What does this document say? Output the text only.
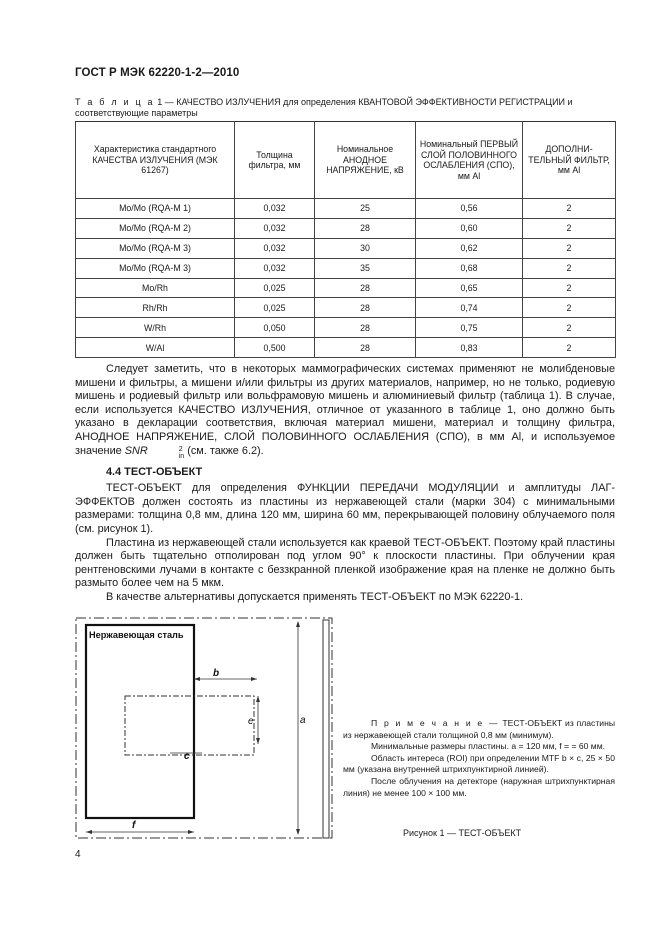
ГОСТ Р МЭК 62220-1-2—2010
Т а б л и ц а 1 — КАЧЕСТВО ИЗЛУЧЕНИЯ для определения КВАНТОВОЙ ЭФФЕКТИВНОСТИ РЕГИСТРАЦИИ и соответствующие параметры
Характеристика стандартного КАЧЕСТВА ИЗЛУЧЕНИЯ (МЭК 61267)	Толщина фильтра, мм	Номинальное АНОДНОЕ НАПРЯЖЕНИЕ, кВ	Номинальный ПЕРВЫЙ СЛОЙ ПОЛОВИННОГО ОСЛАБЛЕНИЯ (СПО), мм Al	ДОПОЛНИ-ТЕЛЬНЫЙ ФИЛЬТР, мм Al
Mo/Mo (RQA-M 1)	0,032	25	0,56	2
Mo/Mo (RQA-M 2)	0,032	28	0,60	2
Mo/Mo (RQA-M 3)	0,032	30	0,62	2
Mo/Mo (RQA-M 3)	0,032	35	0,68	2
Mo/Rh	0,025	28	0,65	2
Rh/Rh	0,025	28	0,74	2
W/Rh	0,050	28	0,75	2
W/Al	0,500	28	0,83	2

Следует заметить, что в некоторых маммографических системах применяют не молибденовые мишени и фильтры, а мишени и/или фильтры из других материалов, например, но не только, родиевую мишень и родиевый фильтр или вольфрамовую мишень и алюминиевый фильтр (таблица 1). В случае, если используется КАЧЕСТВО ИЗЛУЧЕНИЯ, отличное от указанного в таблице 1, оно должно быть указано в декларации соответствия, включая материал мишени, материал и толщину фильтра, АНОДНОЕ НАПРЯЖЕНИЕ, СЛОЙ ПОЛОВИННОГО ОСЛАБЛЕНИЯ (СПО), в мм Al, и используемое значение SNR	2
in (см. также 6.2).

4.4 ТЕСТ-ОБЪЕКТ

ТЕСТ-ОБЪЕКТ для определения ФУНКЦИИ ПЕРЕДАЧИ МОДУЛЯЦИИ и амплитуды ЛАГ-ЭФФЕКТОВ должен состоять из пластины из нержавеющей стали (марки 304) с минимальными размерами: толщина 0,8 мм, длина 120 мм, ширина 60 мм, перекрывающей половину облучаемого поля (см. рисунок 1).

Пластина из нержавеющей стали используется как краевой ТЕСТ-ОБЪЕКТ. Поэтому край пластины должен быть тщательно отполирован под углом 90° к плоскости пластины. При облучении края рентгеновскими лучами в контакте с беззкранной пленкой изображение края на пленке не должно быть размыто более чем на 5 мкм.

В качестве альтернативы допускается применять ТЕСТ-ОБЪЕКТ по МЭК 62220-1.

Нержавеющая сталь
a
b
e
c
f

П р и м е ч а н и е — ТЕСТ-ОБЪЕКТ из пластины из нержавеющей стали толщиной 0,8 мм (минимум).

Минимальные размеры пластины. a = 120 мм, f = = 60 мм.

Область интереса (ROI) при определении MTF b × c, 25 × 50 мм (указана внутренней штрихпунктирной линией).

После облучения на детекторе (наружная штрихпунктирная линия) не менее 100 × 100 мм.

Рисунок 1 — ТЕСТ-ОБЪЕКТ
4
